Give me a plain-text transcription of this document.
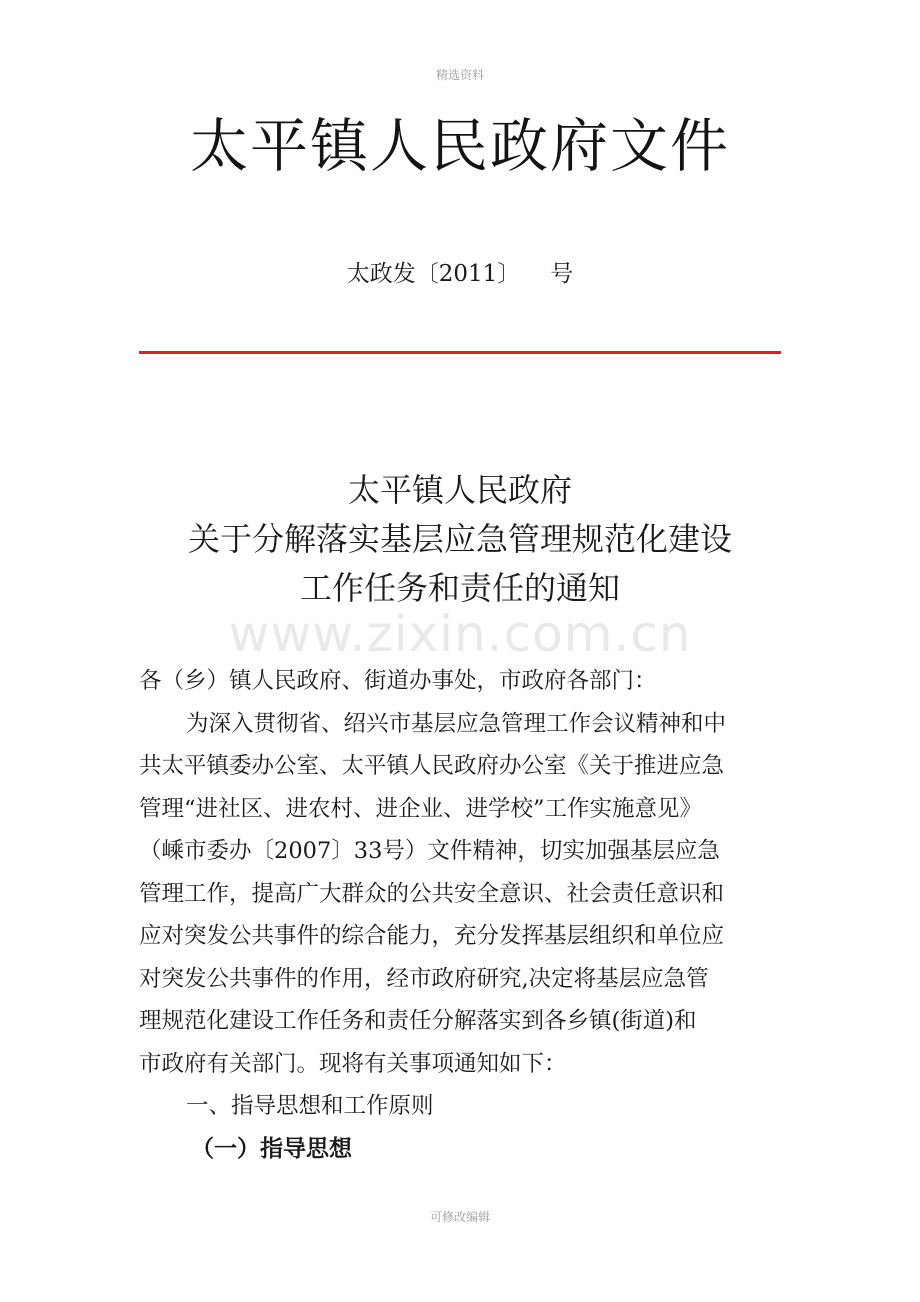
精选资料
太平镇人民政府文件
太政发〔2011〕 号
太平镇人民政府
关于分解落实基层应急管理规范化建设
工作任务和责任的通知
www.zixin.com.cn
各（乡）镇人民政府、街道办事处，市政府各部门：
为深入贯彻省、绍兴市基层应急管理工作会议精神和中
共太平镇委办公室、太平镇人民政府办公室《关于推进应急
管理“进社区、进农村、进企业、进学校”工作实施意见》
（嵊市委办〔2007〕33号）文件精神，切实加强基层应急
管理工作，提高广大群众的公共安全意识、社会责任意识和
应对突发公共事件的综合能力，充分发挥基层组织和单位应
对突发公共事件的作用，经市政府研究,决定将基层应急管
理规范化建设工作任务和责任分解落实到各乡镇(街道)和
市政府有关部门。现将有关事项通知如下：
一、指导思想和工作原则
（一）指导思想
可修改编辑
